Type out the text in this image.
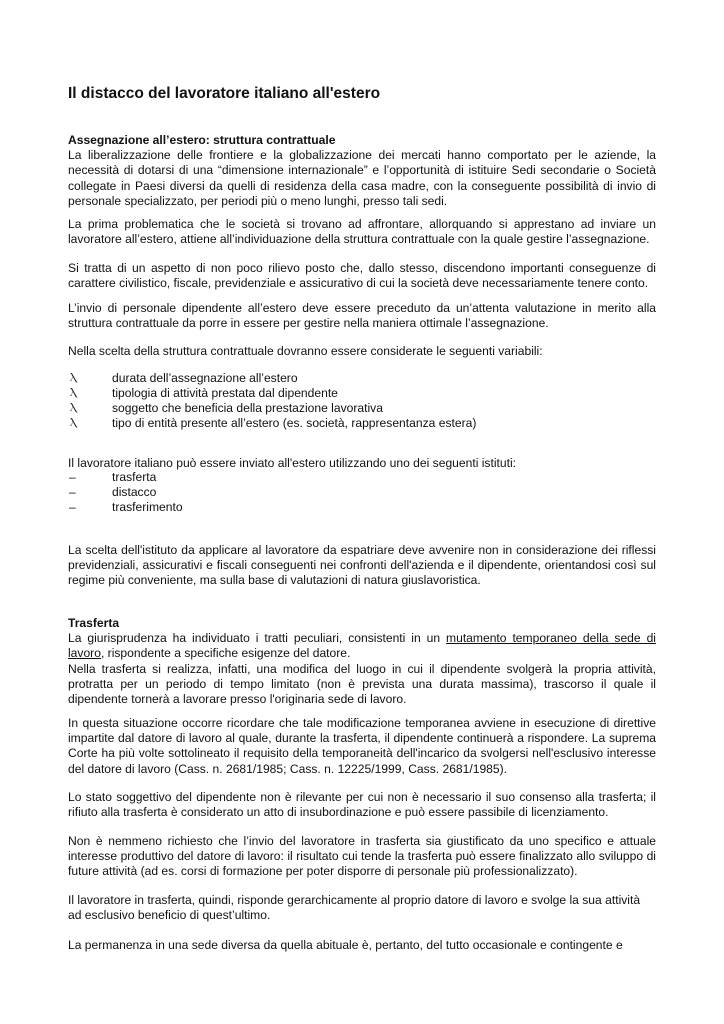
Il distacco del lavoratore italiano all'estero
Assegnazione all’estero: struttura contrattuale
La liberalizzazione delle frontiere e la globalizzazione dei mercati hanno comportato per le aziende, la necessità di dotarsi di una “dimensione internazionale” e l’opportunità di istituire Sedi secondarie o Società collegate in Paesi diversi da quelli di residenza della casa madre, con la conseguente possibilità di invio di personale specializzato, per periodi più o meno lunghi, presso tali sedi.

La prima problematica che le società si trovano ad affrontare, allorquando si apprestano ad inviare un lavoratore all’estero, attiene all’individuazione della struttura contrattuale con la quale gestire l’assegnazione.

Si tratta di un aspetto di non poco rilievo posto che, dallo stesso, discendono importanti conseguenze di carattere civilistico, fiscale, previdenziale e assicurativo di cui la società deve necessariamente tenere conto.

L’invio di personale dipendente all’estero deve essere preceduto da un’attenta valutazione in merito alla struttura contrattuale da porre in essere per gestire nella maniera ottimale l’assegnazione.

Nella scelta della struttura contrattuale dovranno essere considerate le seguenti variabili:

Ⲗ	durata dell’assegnazione all’estero
Ⲗ	tipologia di attività prestata dal dipendente
Ⲗ	soggetto che beneficia della prestazione lavorativa
Ⲗ	tipo di entità presente all’estero (es. società, rappresentanza estera)

Il lavoratore italiano può essere inviato all'estero utilizzando uno dei seguenti istituti:

–	trasferta
–	distacco
–	trasferimento

La scelta dell'istituto da applicare al lavoratore da espatriare deve avvenire non in considerazione dei riflessi previdenziali, assicurativi e fiscali conseguenti nei confronti dell'azienda e il dipendente, orientandosi così sul regime più conveniente, ma sulla base di valutazioni di natura giuslavoristica.

Trasferta
La giurisprudenza ha individuato i tratti peculiari, consistenti in un mutamento temporaneo della sede di lavoro, rispondente a specifiche esigenze del datore.
Nella trasferta si realizza, infatti, una modifica del luogo in cui il dipendente svolgerà la propria attività, protratta per un periodo di tempo limitato (non è prevista una durata massima), trascorso il quale il dipendente tornerà a lavorare presso l'originaria sede di lavoro.

In questa situazione occorre ricordare che tale modificazione temporanea avviene in esecuzione di direttive impartite dal datore di lavoro al quale, durante la trasferta, il dipendente continuerà a rispondere. La suprema Corte ha più volte sottolineato il requisito della temporaneità dell'incarico da svolgersi nell'esclusivo interesse del datore di lavoro (Cass. n. 2681/1985; Cass. n. 12225/1999, Cass. 2681/1985).

Lo stato soggettivo del dipendente non è rilevante per cui non è necessario il suo consenso alla trasferta; il rifiuto alla trasferta è considerato un atto di insubordinazione e può essere passibile di licenziamento.

Non è nemmeno richiesto che l’invio del lavoratore in trasferta sia giustificato da uno specifico e attuale interesse produttivo del datore di lavoro: il risultato cui tende la trasferta può essere finalizzato allo sviluppo di future attività (ad es. corsi di formazione per poter disporre di personale più professionalizzato).

Il lavoratore in trasferta, quindi, risponde gerarchicamente al proprio datore di lavoro e svolge la sua attività ad esclusivo beneficio di quest’ultimo.

La permanenza in una sede diversa da quella abituale è, pertanto, del tutto occasionale e contingente e
